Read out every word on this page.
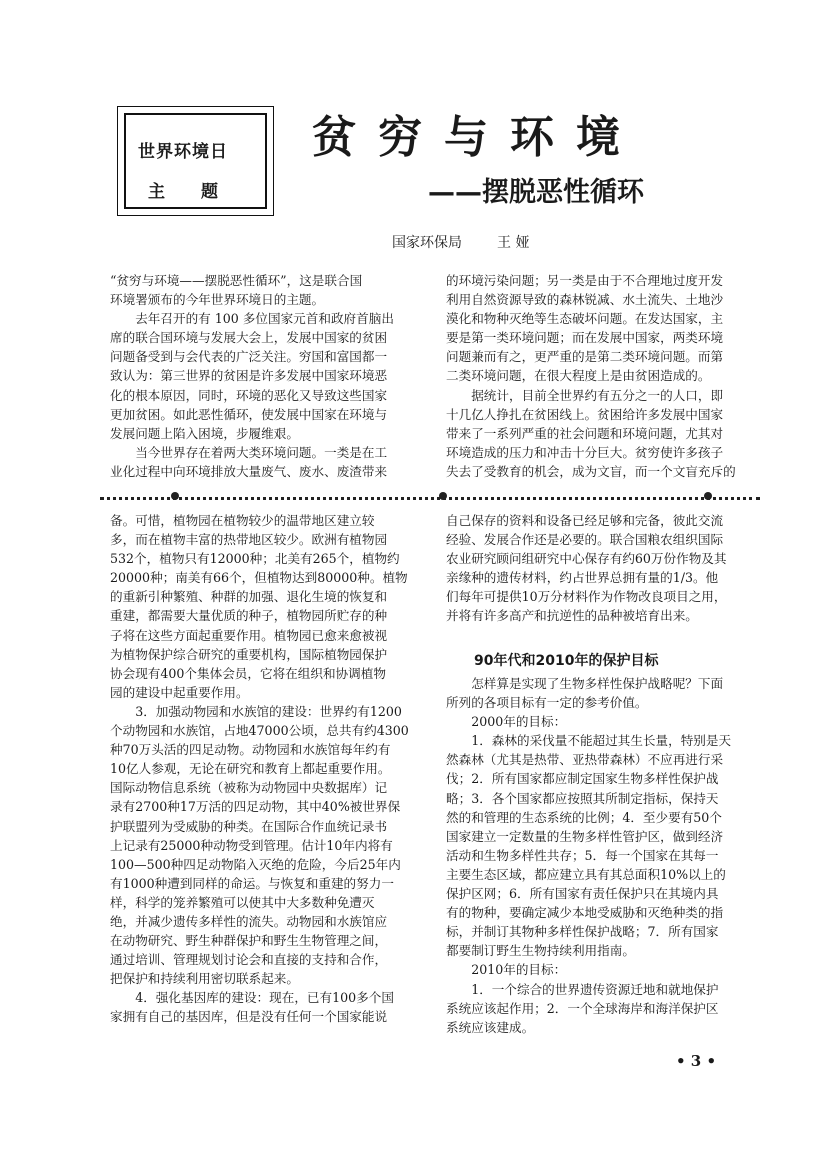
世界环境日
主题
贫穷与环境
——摆脱恶性循环
国家环保局	王 娅

“贫穷与环境——摆脱恶性循环”，这是联合国

环境署颁布的今年世界环境日的主题。

　　去年召开的有 100 多位国家元首和政府首脑出

席的联合国环境与发展大会上，发展中国家的贫困

问题备受到与会代表的广泛关注。穷国和富国都一

致认为：第三世界的贫困是许多发展中国家环境恶

化的根本原因，同时，环境的恶化又导致这些国家

更加贫困。如此恶性循环，使发展中国家在环境与

发展问题上陷入困境，步履维艰。

　　当今世界存在着两大类环境问题。一类是在工

业化过程中向环境排放大量废气、废水、废渣带来

的环境污染问题；另一类是由于不合理地过度开发

利用自然资源导致的森林锐减、水土流失、土地沙

漠化和物种灭绝等生态破坏问题。在发达国家，主

要是第一类环境问题；而在发展中国家，两类环境

问题兼而有之，更严重的是第二类环境问题。而第

二类环境问题，在很大程度上是由贫困造成的。

　　据统计，目前全世界约有五分之一的人口，即

十几亿人挣扎在贫困线上。贫困给许多发展中国家

带来了一系列严重的社会问题和环境问题，尤其对

环境造成的压力和冲击十分巨大。贫穷使许多孩子

失去了受教育的机会，成为文盲，而一个文盲充斥的

备。可惜，植物园在植物较少的温带地区建立较

多，而在植物丰富的热带地区较少。欧洲有植物园

532个，植物只有12000种；北美有265个，植物约

20000种；南美有66个，但植物达到80000种。植物

的重新引种繁殖、种群的加强、退化生境的恢复和

重建，都需要大量优质的种子，植物园所贮存的种

子将在这些方面起重要作用。植物园已愈来愈被视

为植物保护综合研究的重要机构，国际植物园保护

协会现有400个集体会员，它将在组织和协调植物

园的建设中起重要作用。

　　3．加强动物园和水族馆的建设：世界约有1200

个动物园和水族馆，占地47000公顷，总共有约4300

种70万头活的四足动物。动物园和水族馆每年约有

10亿人参观，无论在研究和教育上都起重要作用。

国际动物信息系统（被称为动物园中央数据库）记

录有2700种17万活的四足动物，其中40%被世界保

护联盟列为受威胁的种类。在国际合作血统记录书

上记录有25000种动物受到管理。估计10年内将有

100—500种四足动物陷入灭绝的危险，今后25年内

有1000种遭到同样的命运。与恢复和重建的努力一

样，科学的笼养繁殖可以使其中大多数种免遭灭

绝，并减少遗传多样性的流失。动物园和水族馆应

在动物研究、野生种群保护和野生生物管理之间，

通过培训、管理规划讨论会和直接的支持和合作，

把保护和持续利用密切联系起来。

　　4．强化基因库的建设：现在，已有100多个国

家拥有自己的基因库，但是没有任何一个国家能说

自己保存的资料和设备已经足够和完备，彼此交流

经验、发展合作还是必要的。联合国粮农组织国际

农业研究顾问组研究中心保存有约60万份作物及其

亲缘种的遗传材料，约占世界总拥有量的1/3。他

们每年可提供10万分材料作为作物改良项目之用，

并将有许多高产和抗逆性的品种被培育出来。

90年代和2010年的保护目标

　　怎样算是实现了生物多样性保护战略呢？下面

所列的各项目标有一定的参考价值。

　　2000年的目标：

　　1．森林的采伐量不能超过其生长量，特别是天

然森林（尤其是热带、亚热带森林）不应再进行采

伐；2．所有国家都应制定国家生物多样性保护战

略；3．各个国家都应按照其所制定指标，保持天

然的和管理的生态系统的比例；4．至少要有50个

国家建立一定数量的生物多样性管护区，做到经济

活动和生物多样性共存；5．每一个国家在其每一

主要生态区域，都应建立具有其总面积10%以上的

保护区网；6．所有国家有责任保护只在其境内具

有的物种，要确定减少本地受威胁和灭绝种类的指

标，并制订其物种多样性保护战略；7．所有国家

都要制订野生生物持续利用指南。

　　2010年的目标：

　　1．一个综合的世界遗传资源迁地和就地保护

系统应该起作用；2．一个全球海岸和海洋保护区

系统应该建成。

• 3 •
